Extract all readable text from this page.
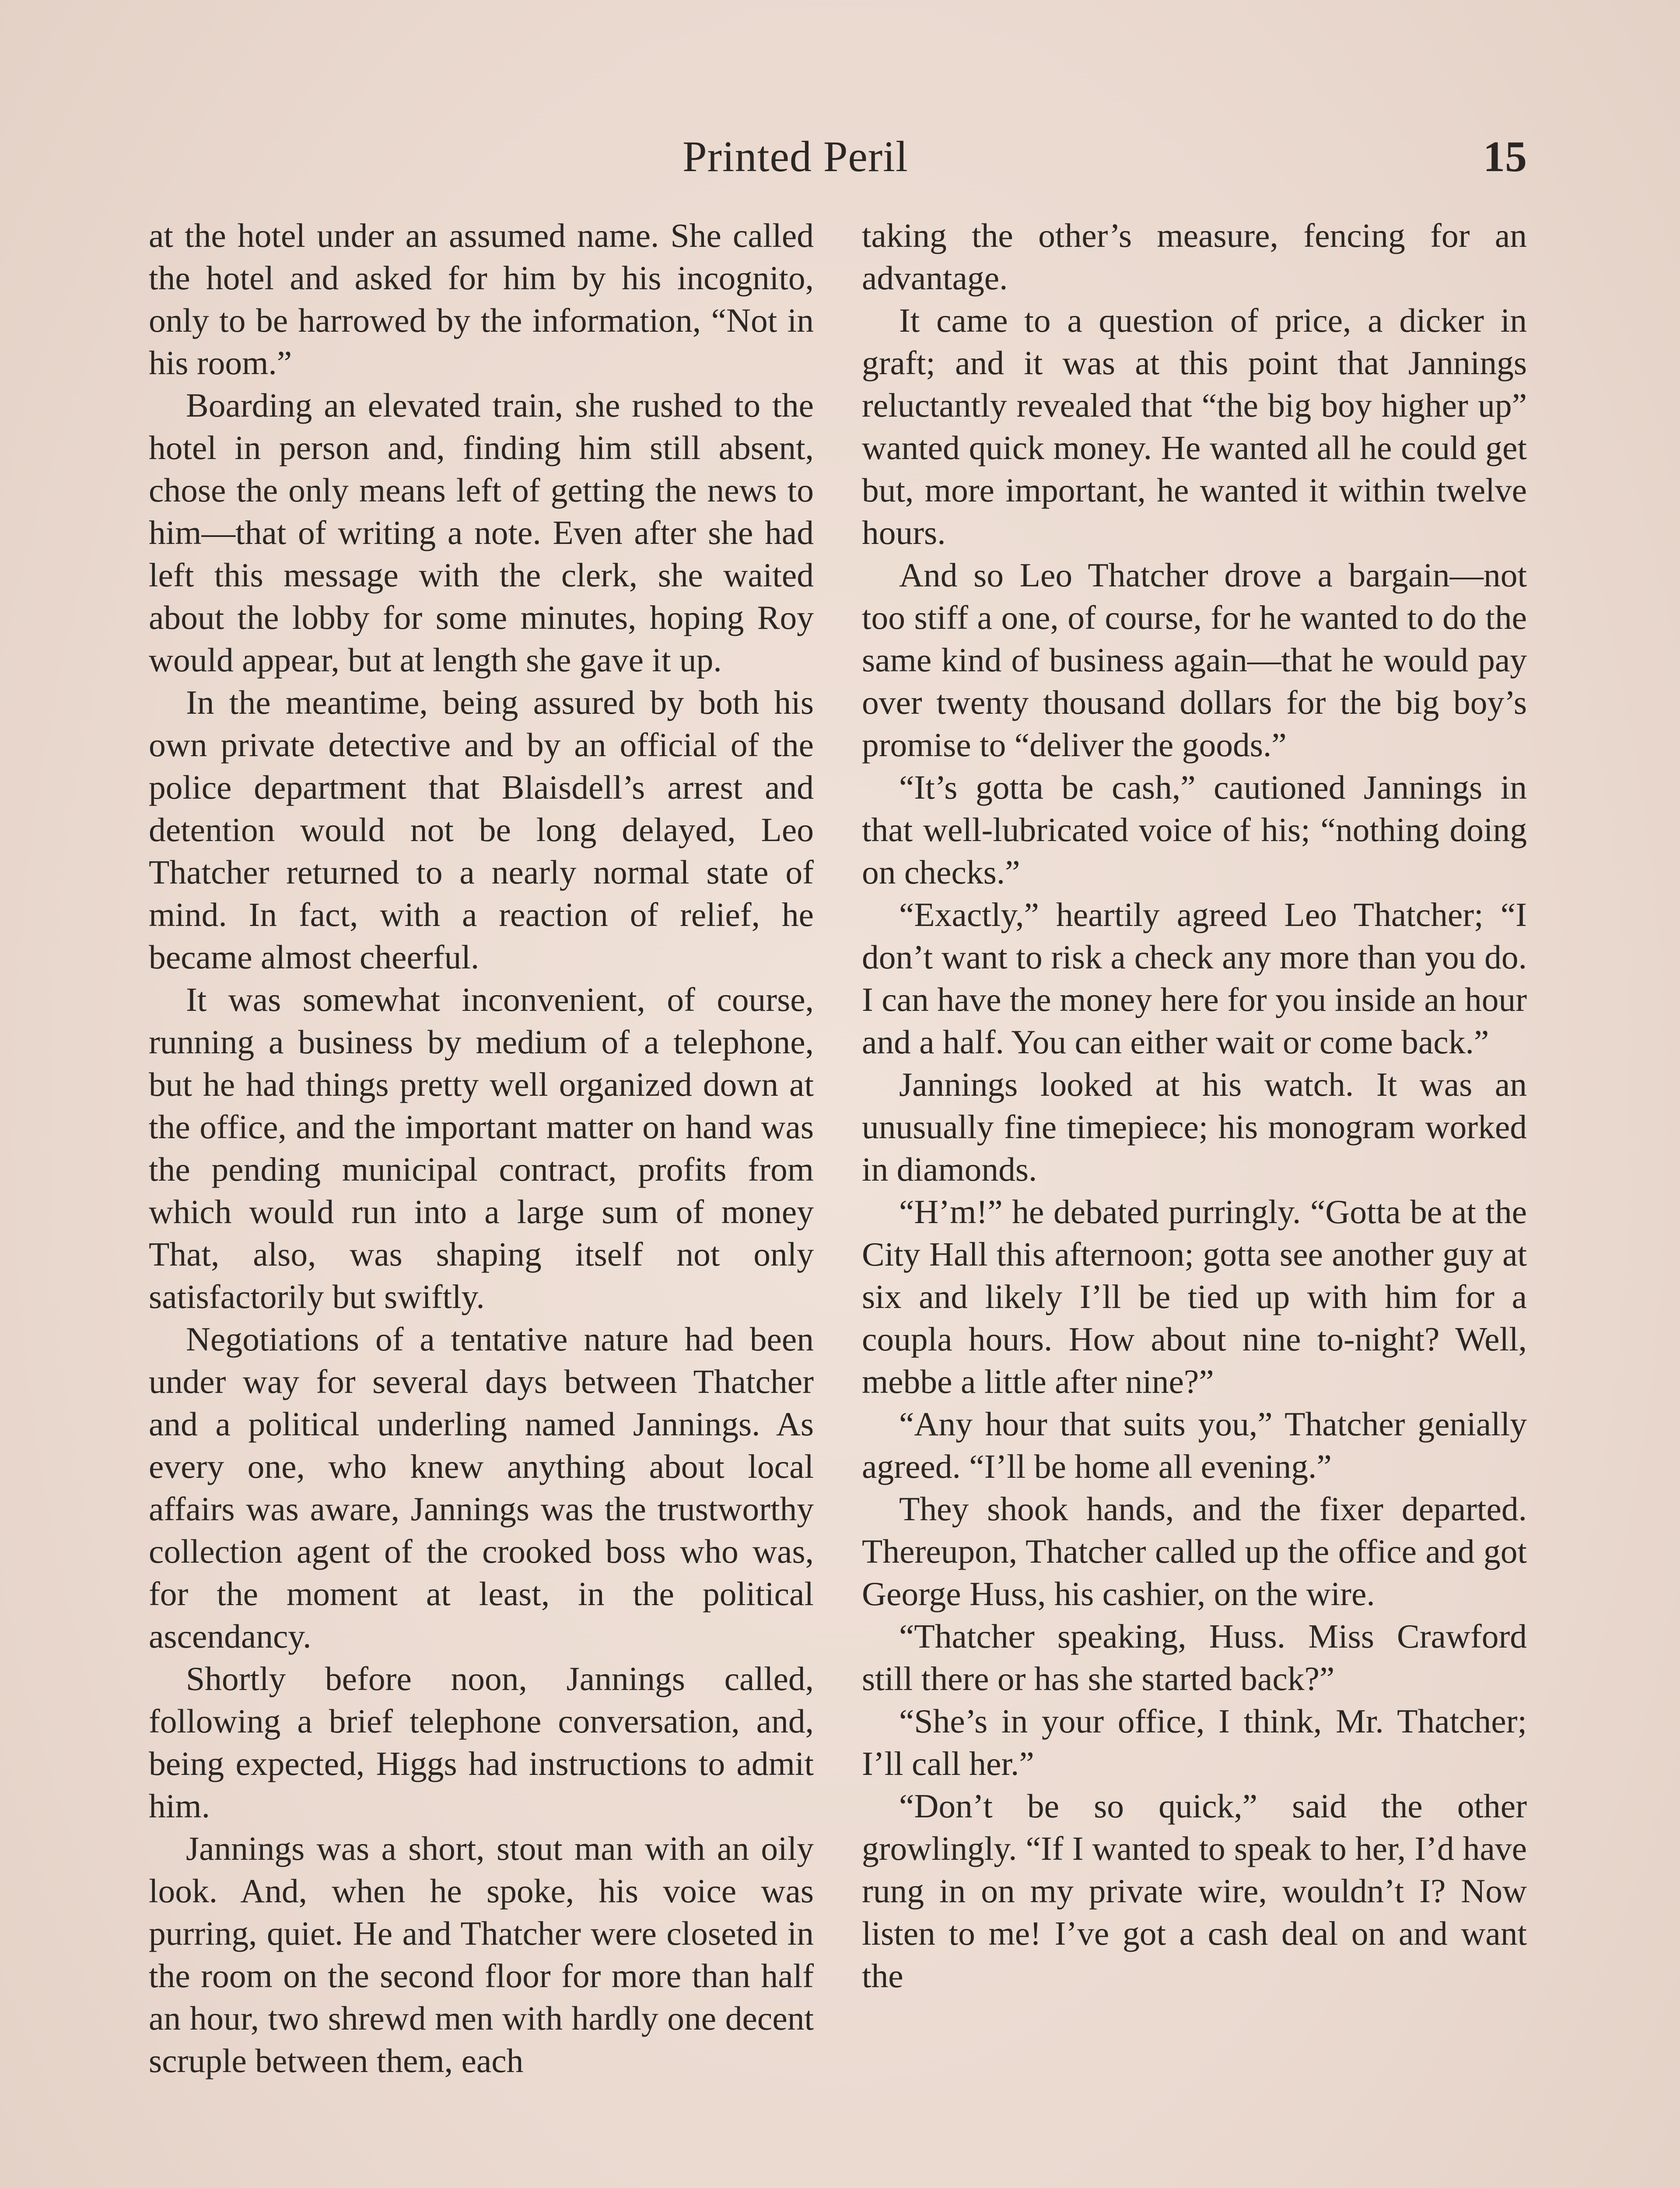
Printed Peril	15

at the hotel under an assumed name. She called the hotel and asked for him by his incognito, only to be harrowed by the information, “Not in his room.”

Boarding an elevated train, she rushed to the hotel in person and, finding him still absent, chose the only means left of getting the news to him—that of writing a note. Even after she had left this message with the clerk, she waited about the lobby for some minutes, hoping Roy would appear, but at length she gave it up.

In the meantime, being assured by both his own private detective and by an official of the police department that Blaisdell’s arrest and detention would not be long delayed, Leo Thatcher returned to a nearly normal state of mind. In fact, with a reaction of relief, he became almost cheerful.

It was somewhat inconvenient, of course, running a business by medium of a telephone, but he had things pretty well organized down at the office, and the important matter on hand was the pending municipal contract, profits from which would run into a large sum of money That, also, was shaping itself not only satisfactorily but swiftly.

Negotiations of a tentative nature had been under way for several days between Thatcher and a political underling named Jannings. As every one, who knew anything about local affairs was aware, Jannings was the trustworthy collection agent of the crooked boss who was, for the moment at least, in the political ascendancy.

Shortly before noon, Jannings called, following a brief telephone conversation, and, being expected, Higgs had instructions to admit him.

Jannings was a short, stout man with an oily look. And, when he spoke, his voice was purring, quiet. He and Thatcher were closeted in the room on the second floor for more than half an hour, two shrewd men with hardly one decent scruple between them, each

taking the other’s measure, fencing for an advantage.

It came to a question of price, a dicker in graft; and it was at this point that Jannings reluctantly revealed that “the big boy higher up” wanted quick money. He wanted all he could get but, more important, he wanted it within twelve hours.

And so Leo Thatcher drove a bargain—not too stiff a one, of course, for he wanted to do the same kind of business again—that he would pay over twenty thousand dollars for the big boy’s promise to “deliver the goods.”

“It’s gotta be cash,” cautioned Jannings in that well-lubricated voice of his; “nothing doing on checks.”

“Exactly,” heartily agreed Leo Thatcher; “I don’t want to risk a check any more than you do. I can have the money here for you inside an hour and a half. You can either wait or come back.”

Jannings looked at his watch. It was an unusually fine timepiece; his monogram worked in diamonds.

“H’m!” he debated purringly. “Gotta be at the City Hall this afternoon; gotta see another guy at six and likely I’ll be tied up with him for a coupla hours. How about nine to-night? Well, mebbe a little after nine?”

“Any hour that suits you,” Thatcher genially agreed. “I’ll be home all evening.”

They shook hands, and the fixer departed. Thereupon, Thatcher called up the office and got George Huss, his cashier, on the wire.

“Thatcher speaking, Huss. Miss Crawford still there or has she started back?”

“She’s in your office, I think, Mr. Thatcher; I’ll call her.”

“Don’t be so quick,” said the other growlingly. “If I wanted to speak to her, I’d have rung in on my private wire, wouldn’t I? Now listen to me! I’ve got a cash deal on and want the
